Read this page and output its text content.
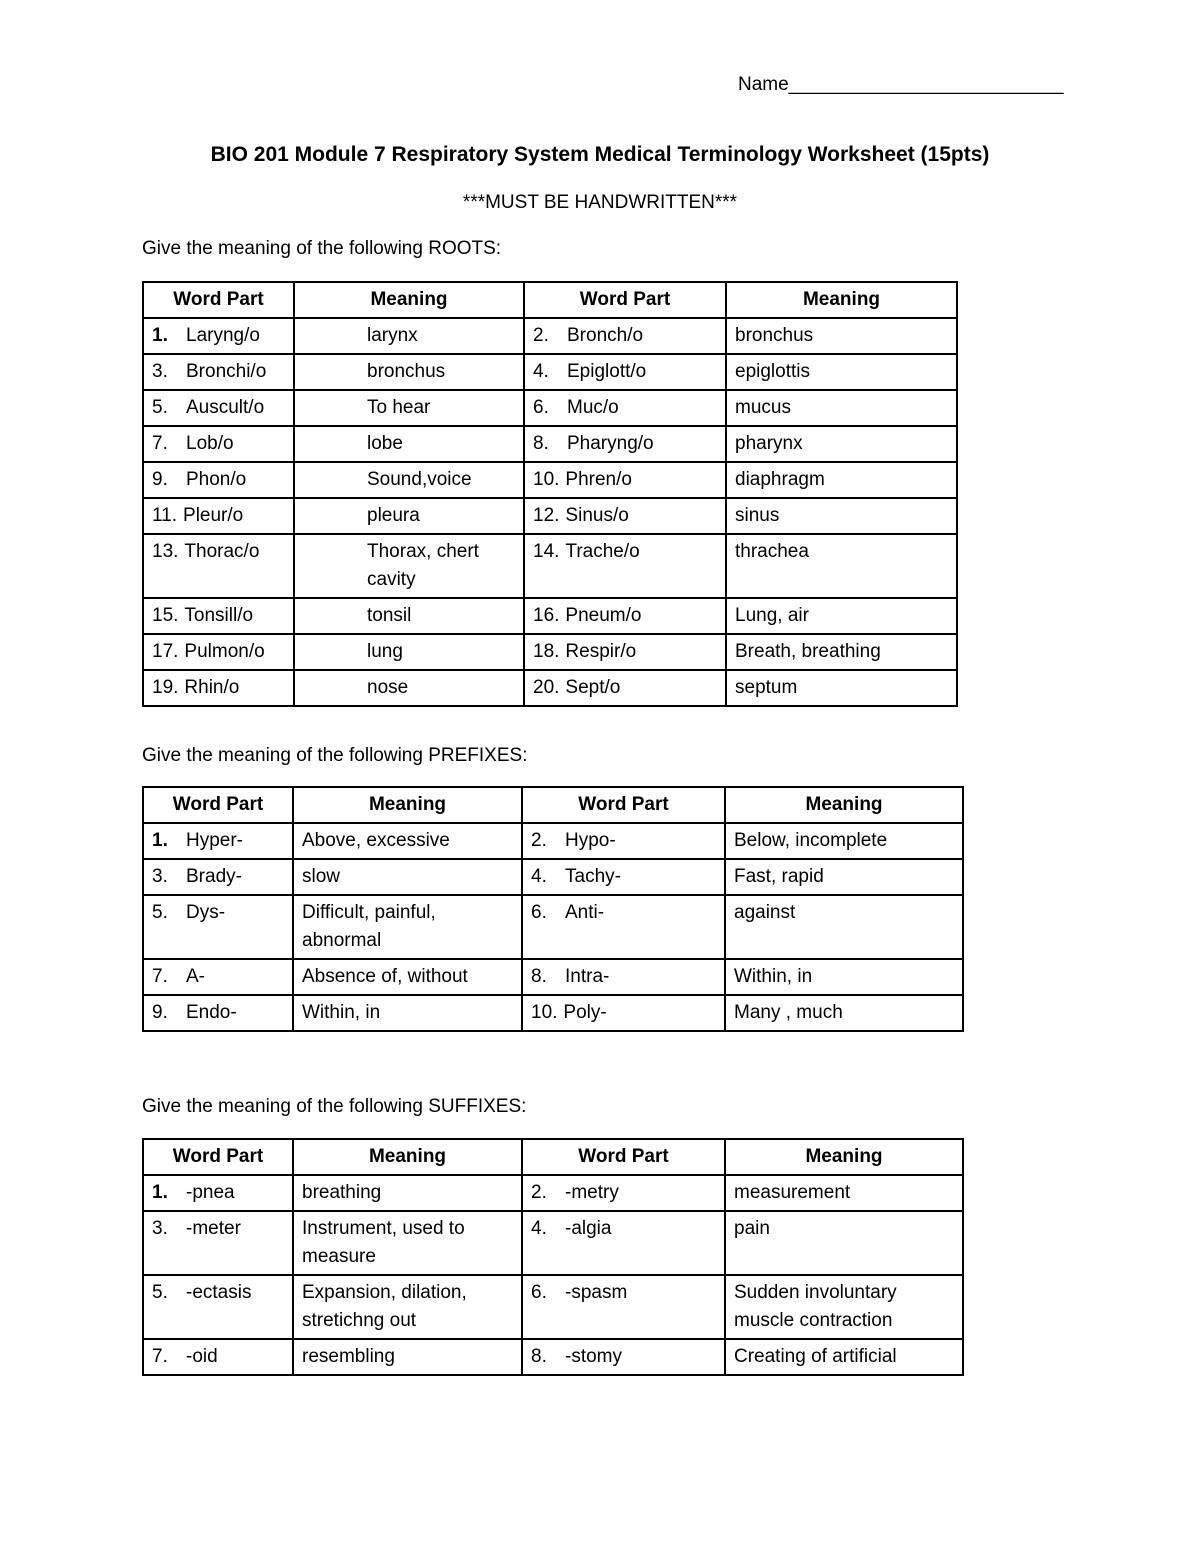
Name__________________________
BIO 201 Module 7 Respiratory System Medical Terminology Worksheet (15pts)
***MUST BE HANDWRITTEN***
Give the meaning of the following ROOTS:
Word Part	Meaning	Word Part	Meaning
1. Laryng/o	larynx	2. Bronch/o	bronchus
3. Bronchi/o	bronchus	4. Epiglott/o	epiglottis
5. Auscult/o	To hear	6. Muc/o	mucus
7. Lob/o	lobe	8. Pharyng/o	pharynx
9. Phon/o	Sound,voice	10. Phren/o	diaphragm
11. Pleur/o	pleura	12. Sinus/o	sinus
13. Thorac/o	Thorax, chert cavity	14. Trache/o	thrachea
15. Tonsill/o	tonsil	16. Pneum/o	Lung, air
17. Pulmon/o	lung	18. Respir/o	Breath, breathing
19. Rhin/o	nose	20. Sept/o	septum
Give the meaning of the following PREFIXES:
Word Part	Meaning	Word Part	Meaning
1. Hyper-	Above, excessive	2. Hypo-	Below, incomplete
3. Brady-	slow	4. Tachy-	Fast, rapid
5. Dys-	Difficult, painful, abnormal	6. Anti-	against
7. A-	Absence of, without	8. Intra-	Within, in
9. Endo-	Within, in	10. Poly-	Many , much
Give the meaning of the following SUFFIXES:
Word Part	Meaning	Word Part	Meaning
1. -pnea	breathing	2. -metry	measurement
3. -meter	Instrument, used to measure	4. -algia	pain
5. -ectasis	Expansion, dilation, stretichng out	6. -spasm	Sudden involuntary muscle contraction
7. -oid	resembling	8. -stomy	Creating of artificial
